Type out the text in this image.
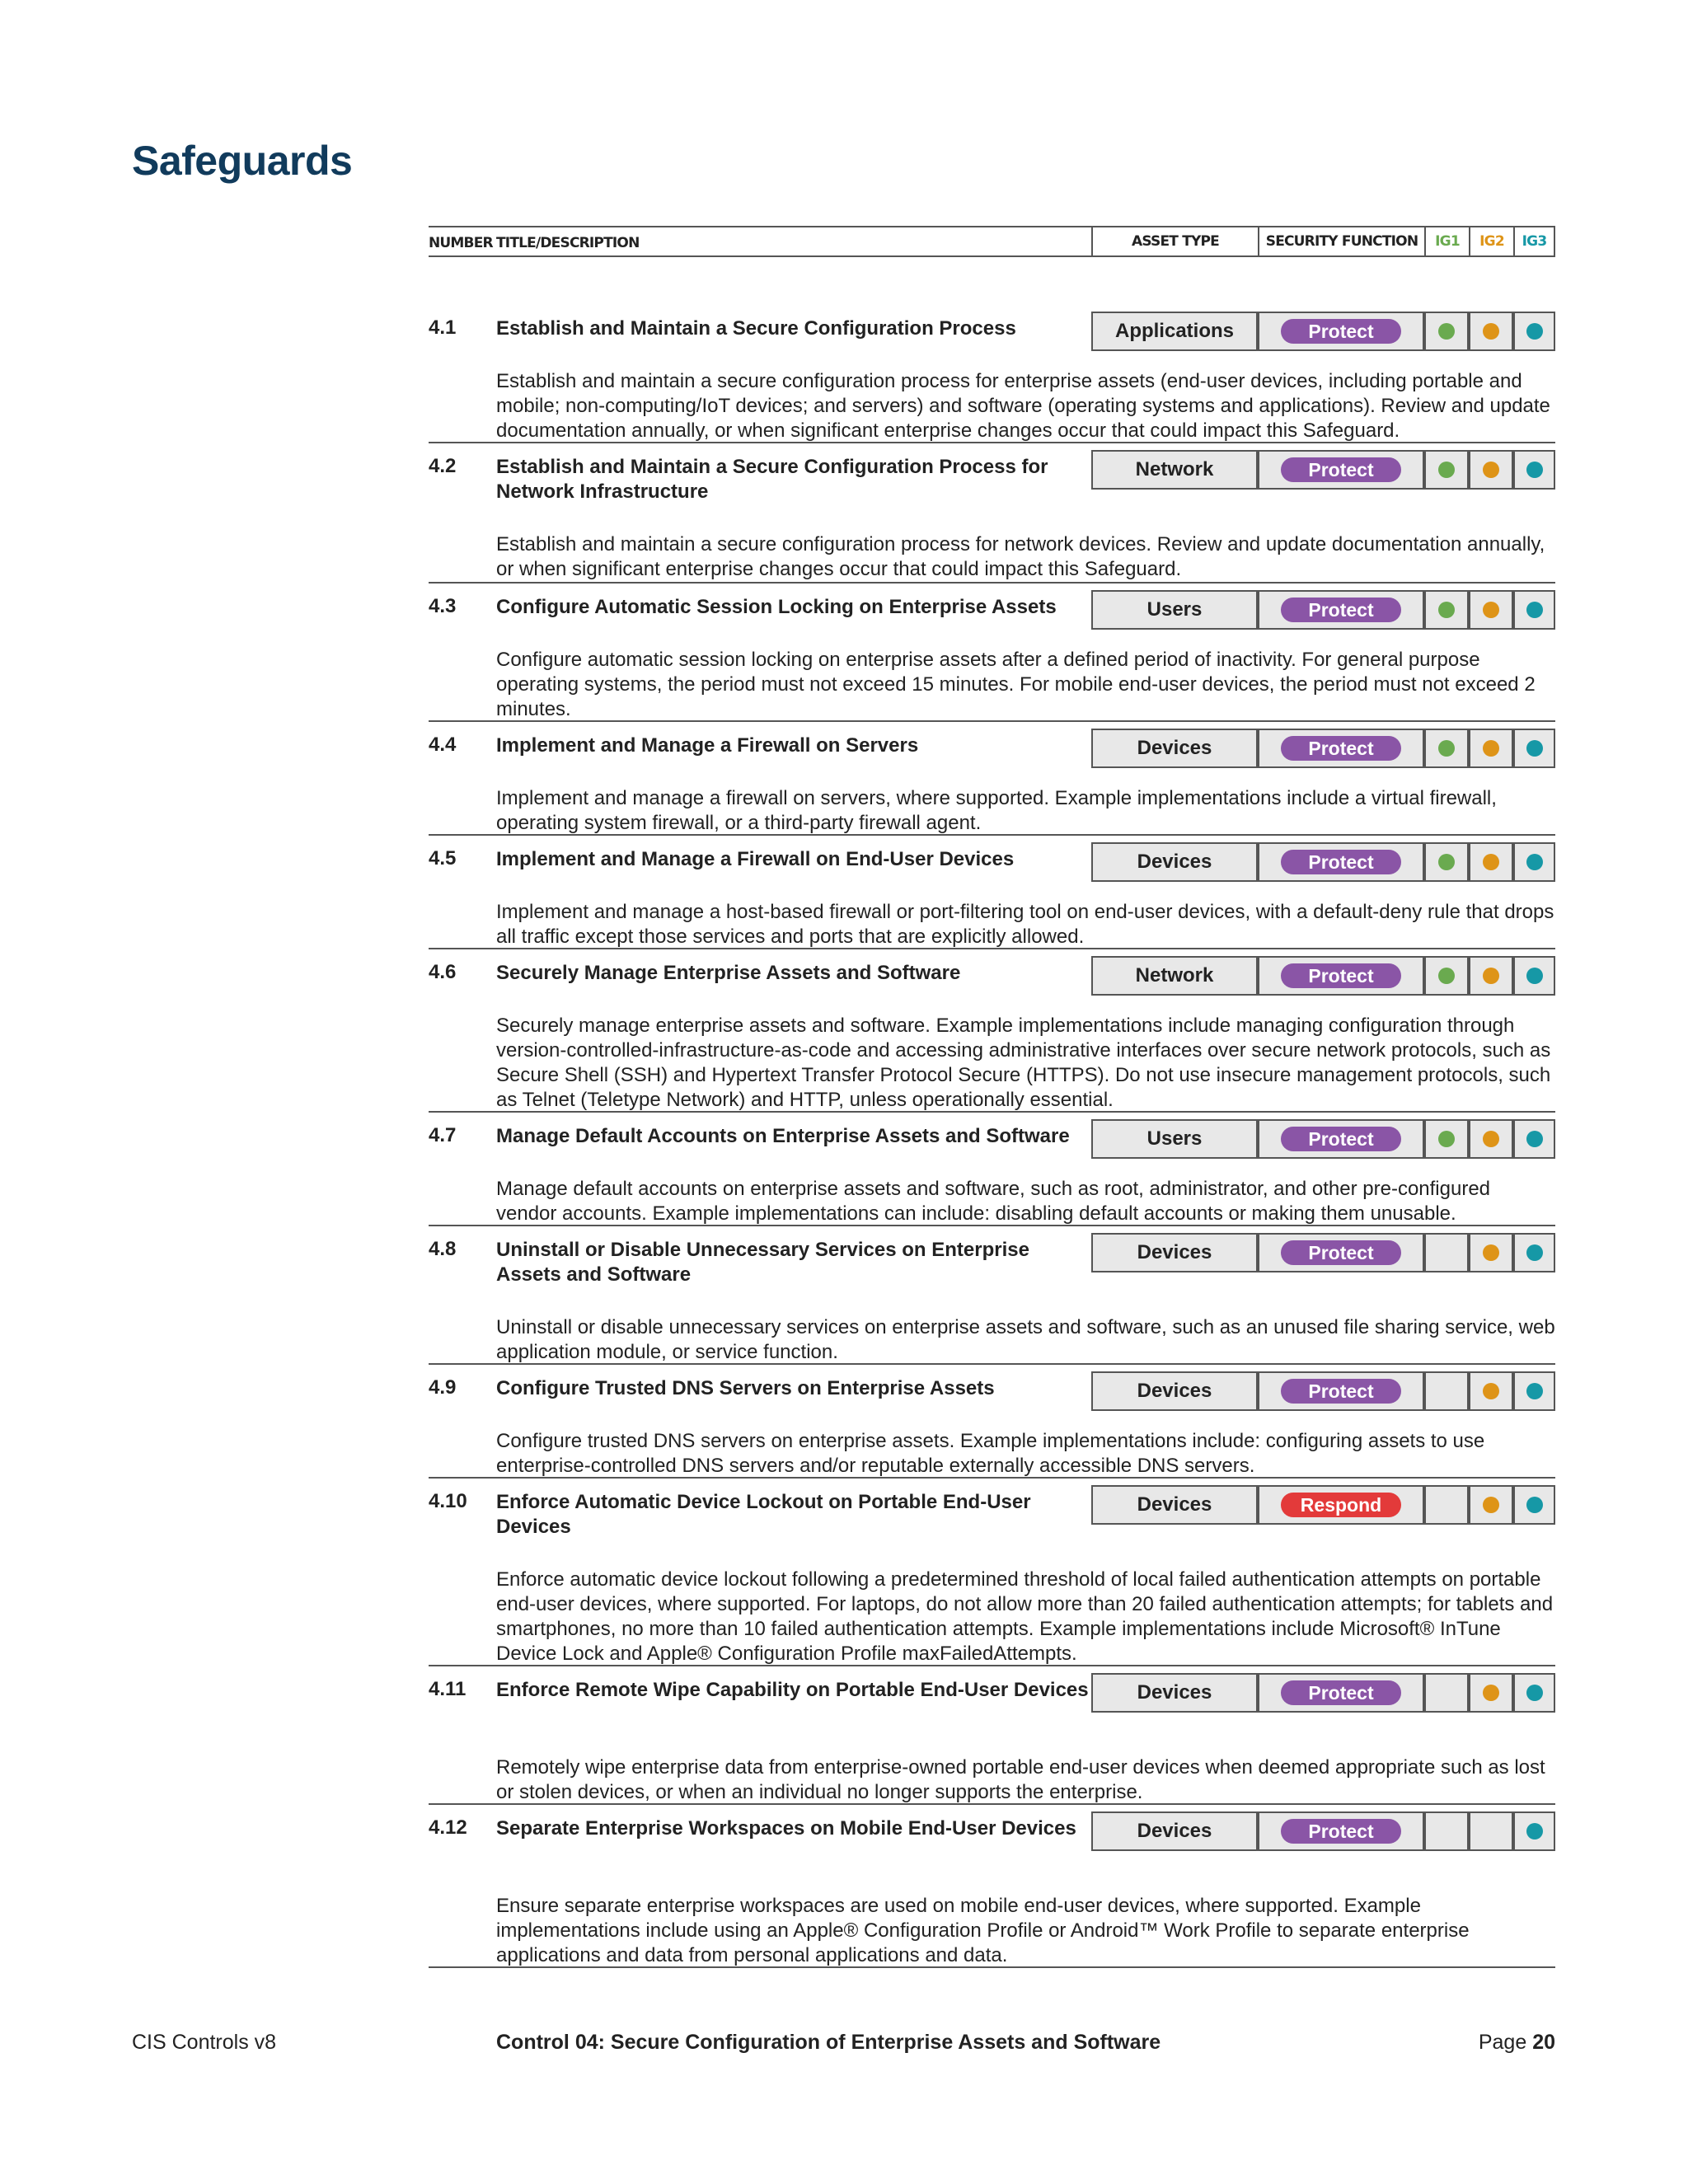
Safeguards
NUMBER TITLE/DESCRIPTION	ASSET TYPE	SECURITY FUNCTION IG1 IG2 IG3
4.1 Establish and Maintain a Secure Configuration Process	Applications	Protect
Establish and maintain a secure configuration process for enterprise assets (end-user devices, including portable and mobile; non-computing/IoT devices; and servers) and software (operating systems and applications). Review and update documentation annually, or when significant enterprise changes occur that could impact this Safeguard.
4.2 Establish and Maintain a Secure Configuration Process for Network Infrastructure
Network	Protect
Establish and maintain a secure configuration process for network devices. Review and update documentation annually, or when significant enterprise changes occur that could impact this Safeguard.
4.3 Configure Automatic Session Locking on Enterprise Assets	Users	Protect
Configure automatic session locking on enterprise assets after a defined period of inactivity. For general purpose operating systems, the period must not exceed 15 minutes. For mobile end-user devices, the period must not exceed 2 minutes.
4.4 Implement and Manage a Firewall on Servers	Devices	Protect
Implement and manage a firewall on servers, where supported. Example implementations include a virtual firewall, operating system firewall, or a third-party firewall agent.
4.5 Implement and Manage a Firewall on End-User Devices	Devices	Protect
Implement and manage a host-based firewall or port-filtering tool on end-user devices, with a default-deny rule that drops all traffic except those services and ports that are explicitly allowed.
4.6 Securely Manage Enterprise Assets and Software	Network	Protect
Securely manage enterprise assets and software. Example implementations include managing configuration through version-controlled-infrastructure-as-code and accessing administrative interfaces over secure network protocols, such as Secure Shell (SSH) and Hypertext Transfer Protocol Secure (HTTPS). Do not use insecure management protocols, such as Telnet (Teletype Network) and HTTP, unless operationally essential.
4.7 Manage Default Accounts on Enterprise Assets and Software	Users	Protect
Manage default accounts on enterprise assets and software, such as root, administrator, and other pre-configured vendor accounts. Example implementations can include: disabling default accounts or making them unusable.
4.8 Uninstall or Disable Unnecessary Services on Enterprise Assets and Software
Devices	Protect
Uninstall or disable unnecessary services on enterprise assets and software, such as an unused file sharing service, web application module, or service function.
4.9 Configure Trusted DNS Servers on Enterprise Assets	Devices	Protect
Configure trusted DNS servers on enterprise assets. Example implementations include: configuring assets to use enterprise-controlled DNS servers and/or reputable externally accessible DNS servers.
4.10 Enforce Automatic Device Lockout on Portable End-User Devices
Devices	Respond
Enforce automatic device lockout following a predetermined threshold of local failed authentication attempts on portable end-user devices, where supported. For laptops, do not allow more than 20 failed authentication attempts; for tablets and smartphones, no more than 10 failed authentication attempts. Example implementations include Microsoft® InTune Device Lock and Apple® Configuration Profile maxFailedAttempts.
4.11 Enforce Remote Wipe Capability on Portable End-User Devices	Devices	Protect
Remotely wipe enterprise data from enterprise-owned portable end-user devices when deemed appropriate such as lost or stolen devices, or when an individual no longer supports the enterprise.
4.12 Separate Enterprise Workspaces on Mobile End-User Devices	Devices	Protect
Ensure separate enterprise workspaces are used on mobile end-user devices, where supported. Example implementations include using an Apple® Configuration Profile or Android™ Work Profile to separate enterprise applications and data from personal applications and data.
CIS Controls v8	Control 04: Secure Configuration of Enterprise Assets and Software	Page 20
